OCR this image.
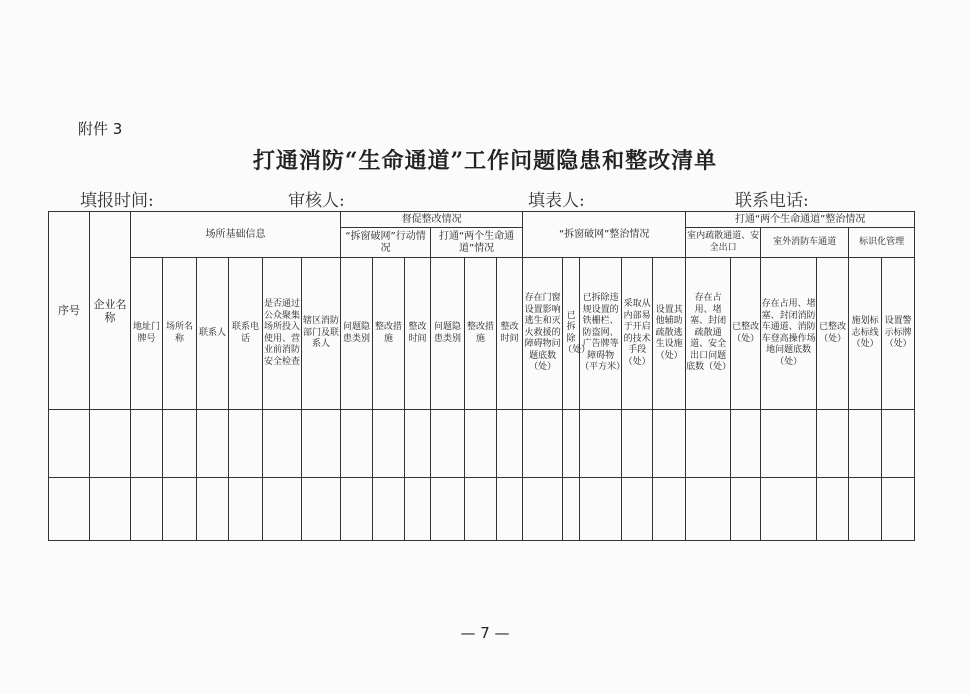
附件 3
打通消防“生命通道”工作问题隐患和整改清单
填报时间:	审核人:	填表人:	联系电话:
序号	企业名称	场所基础信息						督促整改情况						“拆窗破网”整治情况					打通“两个生命通道”整治情况					
								“拆窗破网”行动情况			打通“两个生命通道”情况								室内疏散通道、安全出口		室外消防车通道		标识化管理	
		地址门牌号	场所名称	联系人	联系电话	是否通过公众聚集场所投入使用、营业前消防安全检查	辖区消防部门及联系人	问题隐患类别	整改措施	整改时间	问题隐患类别	整改措施	整改时间	存在门窗设置影响逃生和灭火救援的障碍物问题底数（处）	已拆除（处）	已拆除违规设置的铁栅栏、防盗网、广告牌等障碍物（平方米）	采取从内部易于开启的技术手段（处）	设置其他辅助疏散逃生设施（处）	存在占用、堵塞、封闭疏散通道、安全出口问题底数（处）	已整改（处）	存在占用、堵塞、封闭消防车通道、消防车登高操作场地问题底数（处）	已整改（处）	施划标志标线（处）	设置警示标牌（处）

— 7 —
